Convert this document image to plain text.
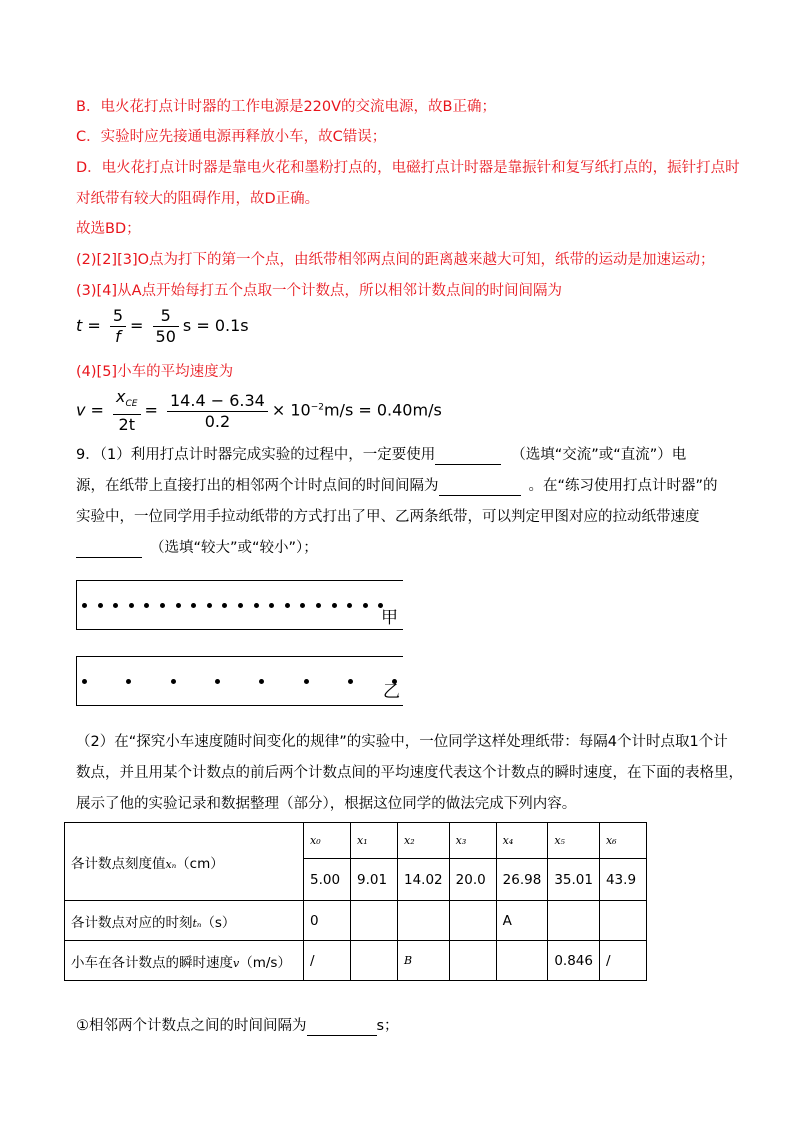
B．电火花打点计时器的工作电源是220V的交流电源，故B正确；
C．实验时应先接通电源再释放小车，故C错误；
D．电火花打点计时器是靠电火花和墨粉打点的，电磁打点计时器是靠振针和复写纸打点的，振针打点时
对纸带有较大的阻碍作用，故D正确。
故选BD；
(2)[2][3]O点为打下的第一个点，由纸带相邻两点间的距离越来越大可知，纸带的运动是加速运动；
(3)[4]从A点开始每打五个点取一个计数点，所以相邻计数点间的时间间隔为
$t = \frac{5}{f} = \frac{5}{50}$ s = 0.1s
(4)[5]小车的平均速度为
$v = \frac{x_{CE}}{2t} = \frac{14.4 - 6.34}{0.2} \times 10^{-2}m/s = 0.40m/s$
9．（1）利用打点计时器完成实验的过程中，一定要使用	（选填“交流”或“直流”）电
源，在纸带上直接打出的相邻两个计时点间的时间间隔为	。在“练习使用打点计时器”的
实验中，一位同学用手拉动纸带的方式打出了甲、乙两条纸带，可以判定甲图对应的拉动纸带速度
（选填“较大”或“较小”）；
甲
乙
（2）在“探究小车速度随时间变化的规律”的实验中，一位同学这样处理纸带：每隔4个计时点取1个计
数点，并且用某个计数点的前后两个计数点间的平均速度代表这个计数点的瞬时速度，在下面的表格里，
展示了他的实验记录和数据整理（部分），根据这位同学的做法完成下列内容。
各计数点刻度值xₙ（cm）	x₀	x₁	x₂	x₃	x₄	x₅	x₆
	5.00	9.01	14.02	20.0	26.98	35.01	43.9
各计数点对应的时刻tₙ（s）	0				A		
小车在各计数点的瞬时速度v（m/s）	/		B			0.846	/
①相邻两个计数点之间的时间间隔为	s；
